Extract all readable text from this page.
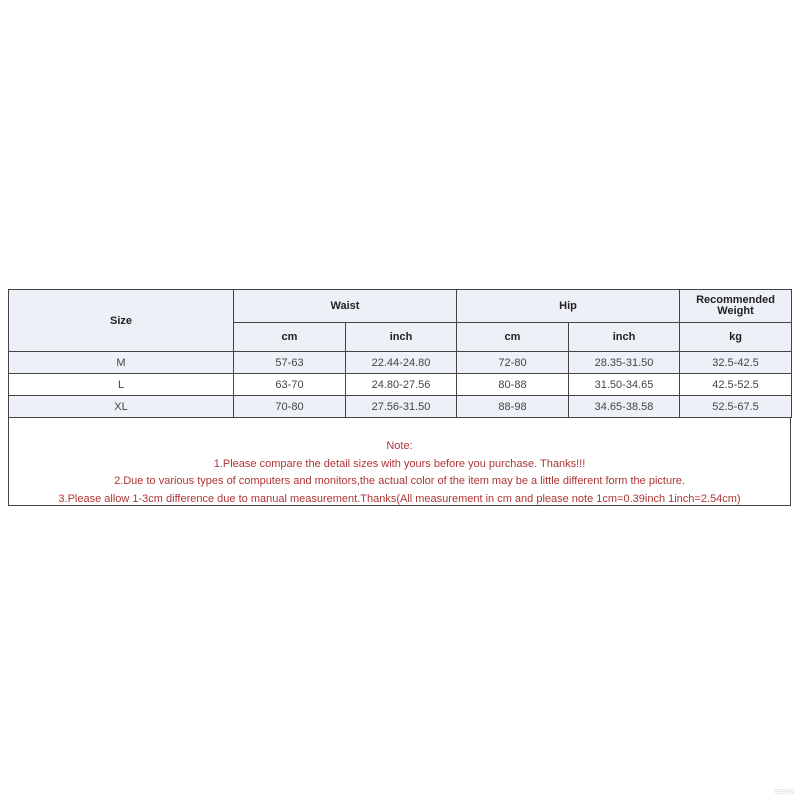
Size	Waist		Hip		Recommended Weight
	cm	inch	cm	inch	kg
M	57-63	22.44-24.80	72-80	28.35-31.50	32.5-42.5
L	63-70	24.80-27.56	80-88	31.50-34.65	42.5-52.5
XL	70-80	27.56-31.50	88-98	34.65-38.58	52.5-67.5
Note:
1.Please compare the detail sizes with yours before you purchase. Thanks!!!
2.Due to various types of computers and monitors,the actual color of the item may be a little different form the picture.
3.Please allow 1-3cm difference due to manual measurement.Thanks(All measurement in cm and please note 1cm=0.39inch 1inch=2.54cm)
BEEN
